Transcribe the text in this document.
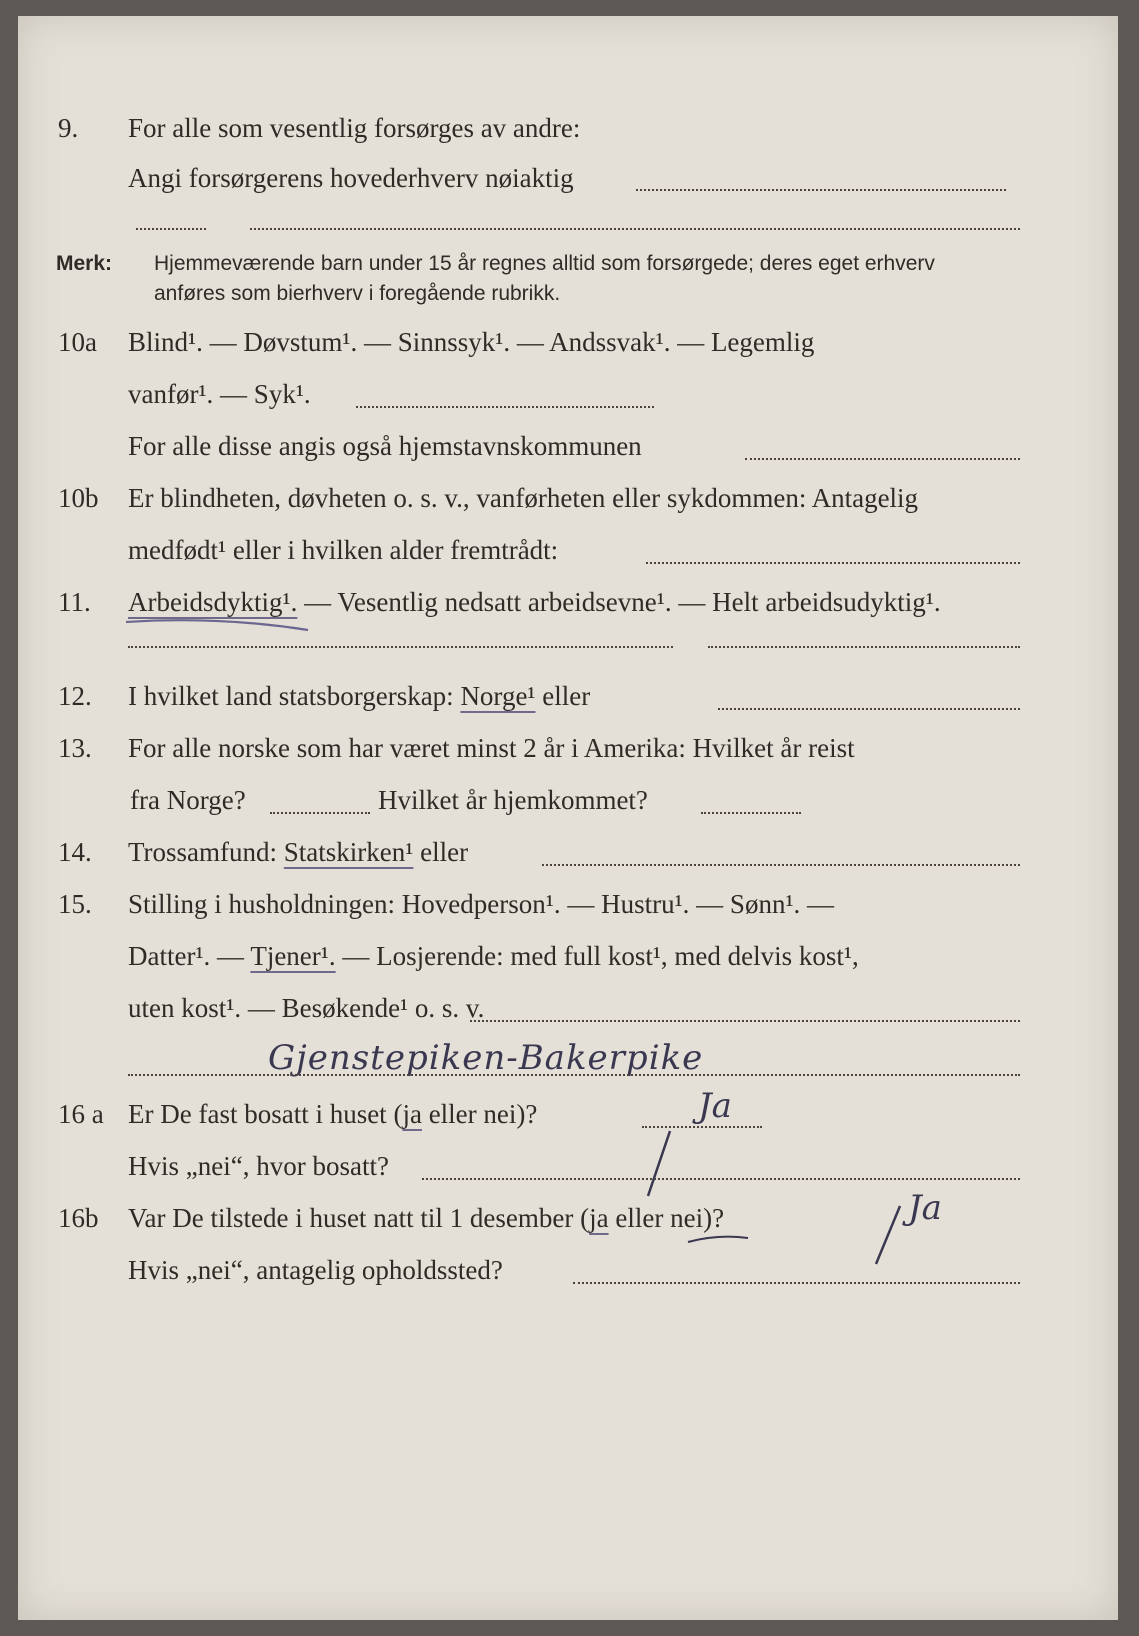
9. For alle som vesentlig forsørges av andre:
Angi forsørgerens hovederhverv nøiaktig
Merk: Hjemmeværende barn under 15 år regnes alltid som forsørgede; deres eget erhverv
anføres som bierhverv i foregående rubrikk.
10a Blind¹. — Døvstum¹. — Sinnssyk¹. — Andssvak¹. — Legemlig
vanfør¹. — Syk¹.
For alle disse angis også hjemstavnskommunen
10b Er blindheten, døvheten o. s. v., vanførheten eller sykdommen: Antagelig
medfødt¹ eller i hvilken alder fremtrådt:
11. Arbeidsdyktig¹. — Vesentlig nedsatt arbeidsevne¹. — Helt arbeidsudyktig¹.
12. I hvilket land statsborgerskap: Norge¹ eller
13. For alle norske som har været minst 2 år i Amerika: Hvilket år reist
fra Norge?	Hvilket år hjemkommet?
14. Trossamfund: Statskirken¹ eller
15. Stilling i husholdningen: Hovedperson¹. — Hustru¹. — Sønn¹. —
Datter¹. — Tjener¹. — Losjerende: med full kost¹, med delvis kost¹,
uten kost¹. — Besøkende¹ o. s. v.
Gjenstepiken-Bakerpike
16 a Er De fast bosatt i huset (ja eller nei)?	Ja
Hvis „nei“, hvor bosatt?
16b Var De tilstede i huset natt til 1 desember (ja eller nei)?	Ja
Hvis „nei“, antagelig opholdssted?
